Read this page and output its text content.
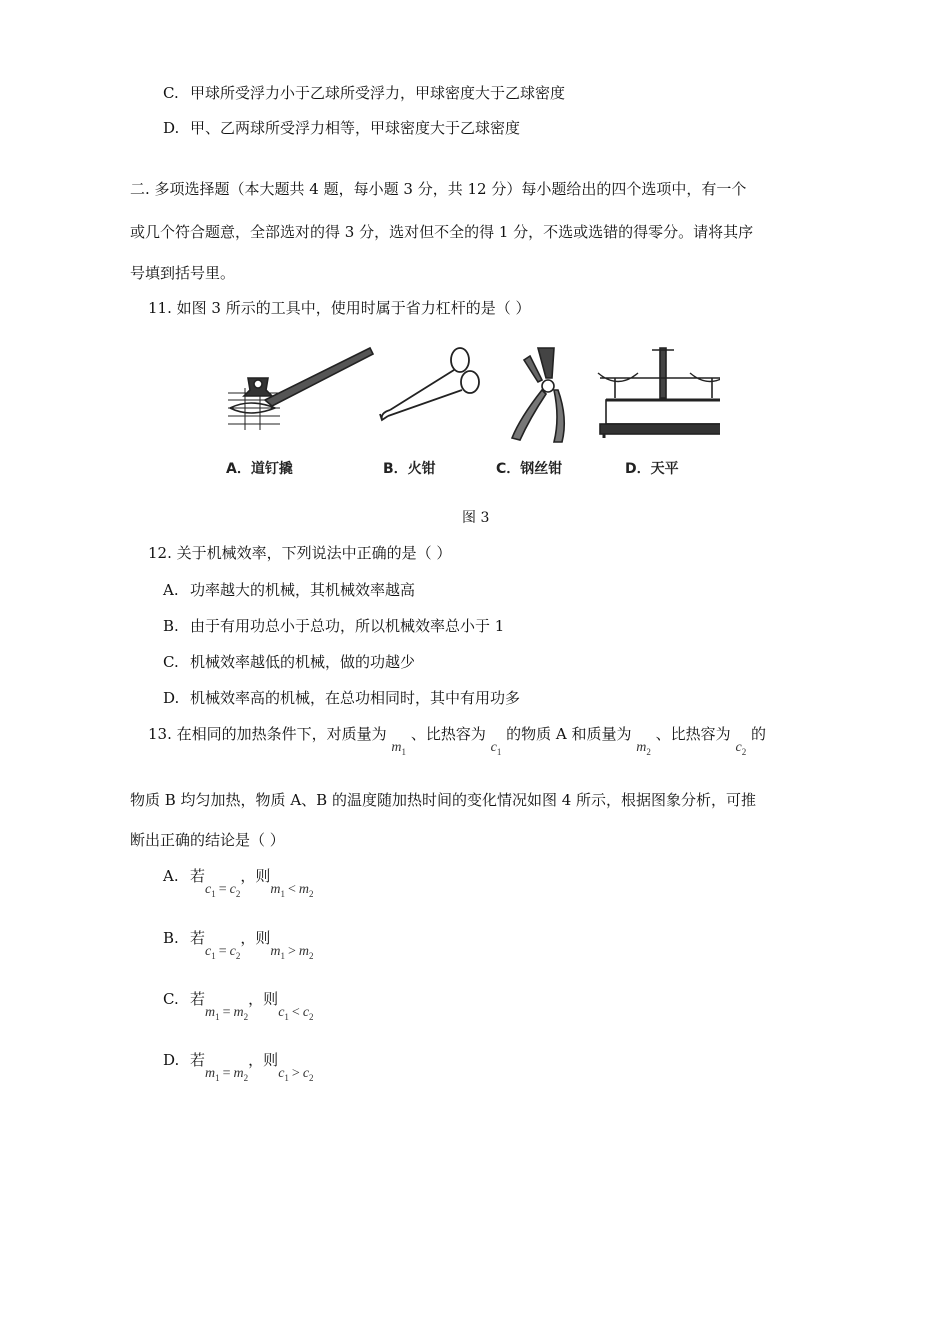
C. 甲球所受浮力小于乙球所受浮力，甲球密度大于乙球密度
D. 甲、乙两球所受浮力相等，甲球密度大于乙球密度
二. 多项选择题（本大题共 4 题，每小题 3 分，共 12 分）每小题给出的四个选项中，有一个
或几个符合题意，全部选对的得 3 分，选对但不全的得 1 分，不选或选错的得零分。请将其序
号填到括号里。
11. 如图 3 所示的工具中，使用时属于省力杠杆的是（ ）
A．道钉撬	B．火钳	C．钢丝钳	D．天平
图 3
12. 关于机械效率，下列说法中正确的是（ ）
A. 功率越大的机械，其机械效率越高
B. 由于有用功总小于总功，所以机械效率总小于 1
C. 机械效率越低的机械，做的功越少
D. 机械效率高的机械，在总功相同时，其中有用功多
13. 在相同的加热条件下，对质量为 $m_1$ 、比热容为 $c_1$ 的物质 A 和质量为 $m_2$ 、比热容为 $c_2$ 的
物质 B 均匀加热，物质 A、B 的温度随加热时间的变化情况如图 4 所示，根据图象分析，可推
断出正确的结论是（ ）
A. 若$c_1 = c_2$，则$m_1 < m_2$
B. 若$c_1 = c_2$，则$m_1 > m_2$
C. 若$m_1 = m_2$，则$c_1 < c_2$
D. 若$m_1 = m_2$，则$c_1 > c_2$
